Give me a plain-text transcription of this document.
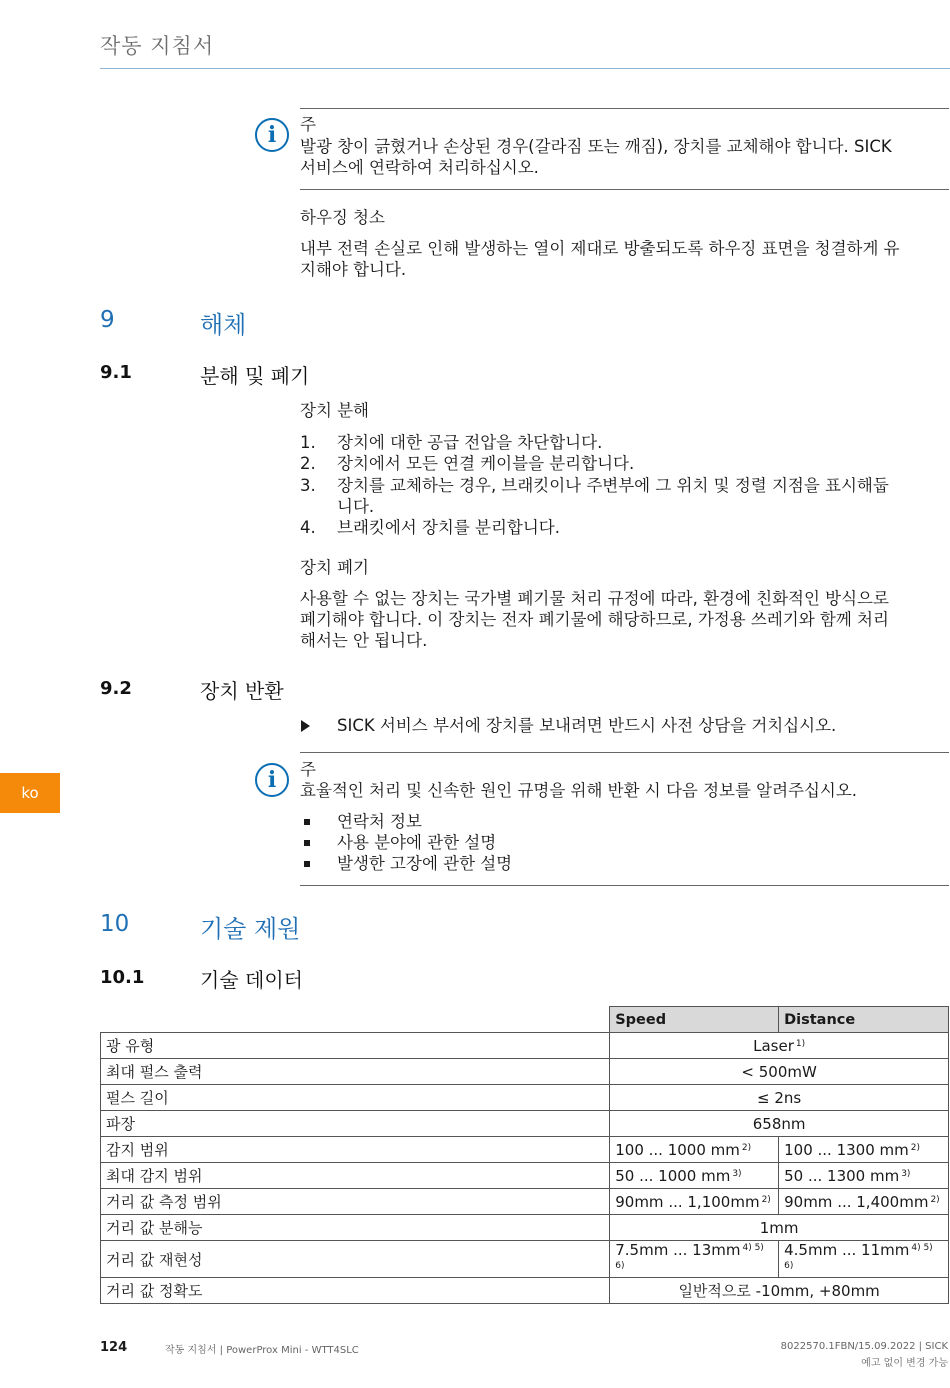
작동 지침서
i	주
발광 창이 긁혔거나 손상된 경우(갈라짐 또는 깨짐), 장치를 교체해야 합니다. SICK
서비스에 연락하여 처리하십시오.
하우징 청소
내부 전력 손실로 인해 발생하는 열이 제대로 방출되도록 하우징 표면을 청결하게 유
지해야 합니다.
9	해체
9.1	분해 및 폐기
장치 분해
1. 장치에 대한 공급 전압을 차단합니다.
2. 장치에서 모든 연결 케이블을 분리합니다.
3. 장치를 교체하는 경우, 브래킷이나 주변부에 그 위치 및 정렬 지점을 표시해둡
니다.
4. 브래킷에서 장치를 분리합니다.
장치 폐기
사용할 수 없는 장치는 국가별 폐기물 처리 규정에 따라, 환경에 친화적인 방식으로
폐기해야 합니다. 이 장치는 전자 폐기물에 해당하므로, 가정용 쓰레기와 함께 처리
해서는 안 됩니다.
9.2	장치 반환
SICK 서비스 부서에 장치를 보내려면 반드시 사전 상담을 거치십시오.
i	주
효율적인 처리 및 신속한 원인 규명을 위해 반환 시 다음 정보를 알려주십시오.
연락처 정보
사용 분야에 관한 설명
발생한 고장에 관한 설명
ko
10	기술 제원
10.1	기술 데이터
	Speed	Distance
광 유형	Laser $^{1)}$
최대 펄스 출력	< 500mW	
펄스 길이	≤ 2ns	
파장	658nm	
감지 범위	100 ... 1000 mm $^{2)}$	100 ... 1300 mm $^{2)}$
최대 감지 범위	50 ... 1000 mm $^{3)}$	50 ... 1300 mm $^{3)}$
거리 값 측정 범위	90mm ... 1,100mm $^{2)}$	90mm ... 1,400mm $^{2)}$
거리 값 분해능	1mm	
거리 값 재현성	7.5mm ... 13mm $^{4) 5) 6)}$	4.5mm ... 11mm $^{4) 5) 6)}$
거리 값 정확도	일반적으로 -10mm, +80mm	
124	작동 지침서 | PowerProx Mini - WTT4SLC	8022570.1FBN/15.09.2022 | SICK
예고 없이 변경 가능
